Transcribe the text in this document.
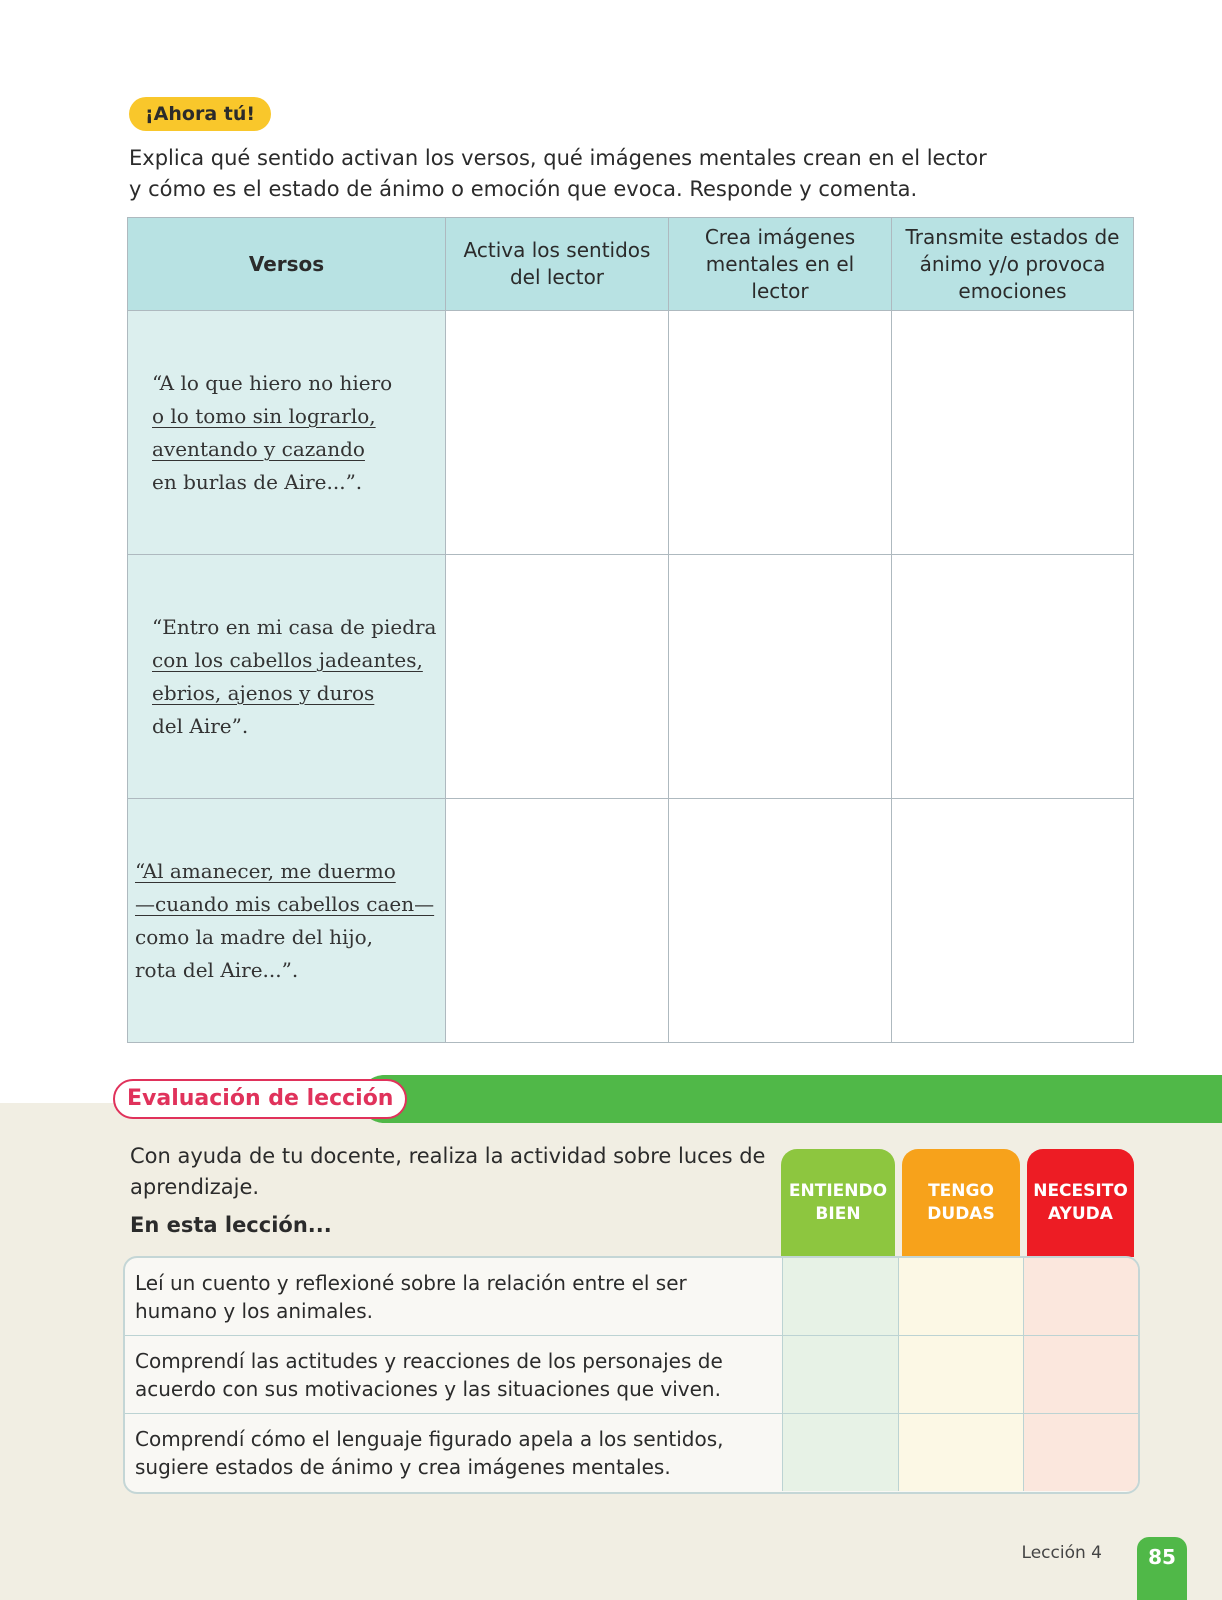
¡Ahora tú!
Explica qué sentido activan los versos, qué imágenes mentales crean en el lector
y cómo es el estado de ánimo o emoción que evoca. Responde y comenta.
Versos	Activa los sentidos del lector	Crea imágenes mentales en el lector	Transmite estados de ánimo y/o provoca emociones

“A lo que hiero no hiero
o lo tomo sin lograrlo,
aventando y cazando
en burlas de Aire...”.			

“Entro en mi casa de piedra
con los cabellos jadeantes,
ebrios, ajenos y duros
del Aire”.			

“Al amanecer, me duermo
—cuando mis cabellos caen—
como la madre del hijo,
rota del Aire...”.			

Evaluación de lección
Con ayuda de tu docente, realiza la actividad sobre luces de aprendizaje.
En esta lección...
ENTIENDO
BIEN
TENGO
DUDAS
NECESITO
AYUDA
Leí un cuento y reflexioné sobre la relación entre el ser humano y los animales.
Comprendí las actitudes y reacciones de los personajes de acuerdo con sus motivaciones y las situaciones que viven.
Comprendí cómo el lenguaje figurado apela a los sentidos, sugiere estados de ánimo y crea imágenes mentales.
Lección 4	85
